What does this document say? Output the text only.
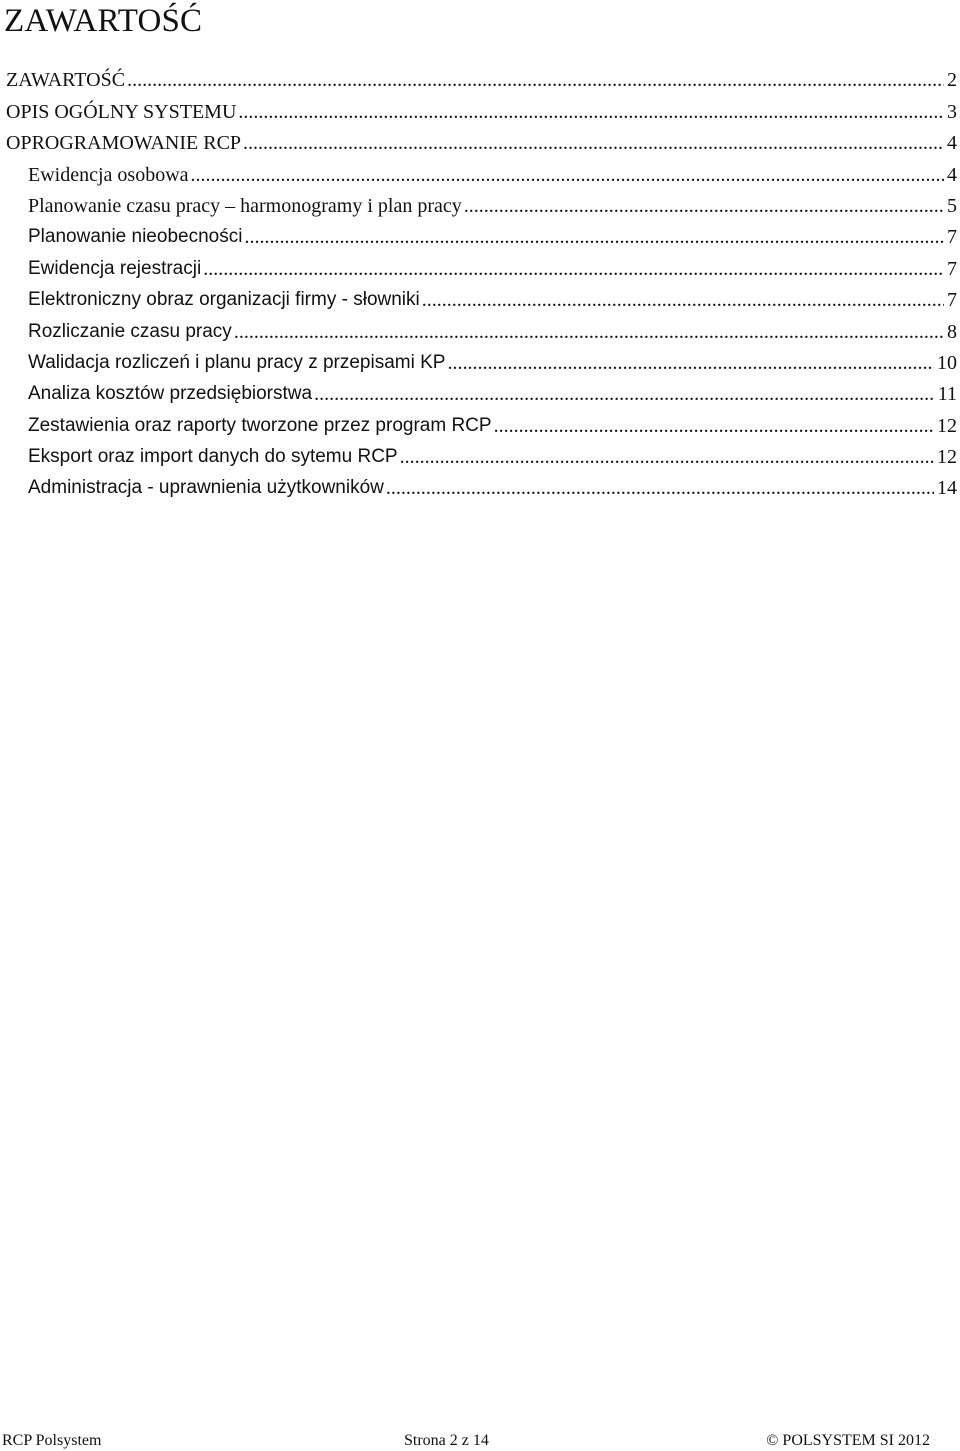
ZAWARTOŚĆ
ZAWARTOŚĆ .....	2
OPIS OGÓLNY SYSTEMU .....	3
OPROGRAMOWANIE RCP .....	4
Ewidencja osobowa .....	4
Planowanie czasu pracy – harmonogramy i plan pracy .....	5
Planowanie nieobecności .....	7
Ewidencja rejestracji .....	7
Elektroniczny obraz organizacji firmy - słowniki .....	7
Rozliczanie czasu pracy .....	8
Walidacja rozliczeń i planu pracy z przepisami KP .....	10
Analiza kosztów przedsiębiorstwa .....	11
Zestawienia oraz raporty tworzone przez program RCP .....	12
Eksport oraz import danych do sytemu RCP .....	12
Administracja - uprawnienia użytkowników .....	14
RCP Polsystem	Strona 2 z 14	© POLSYSTEM SI 2012
